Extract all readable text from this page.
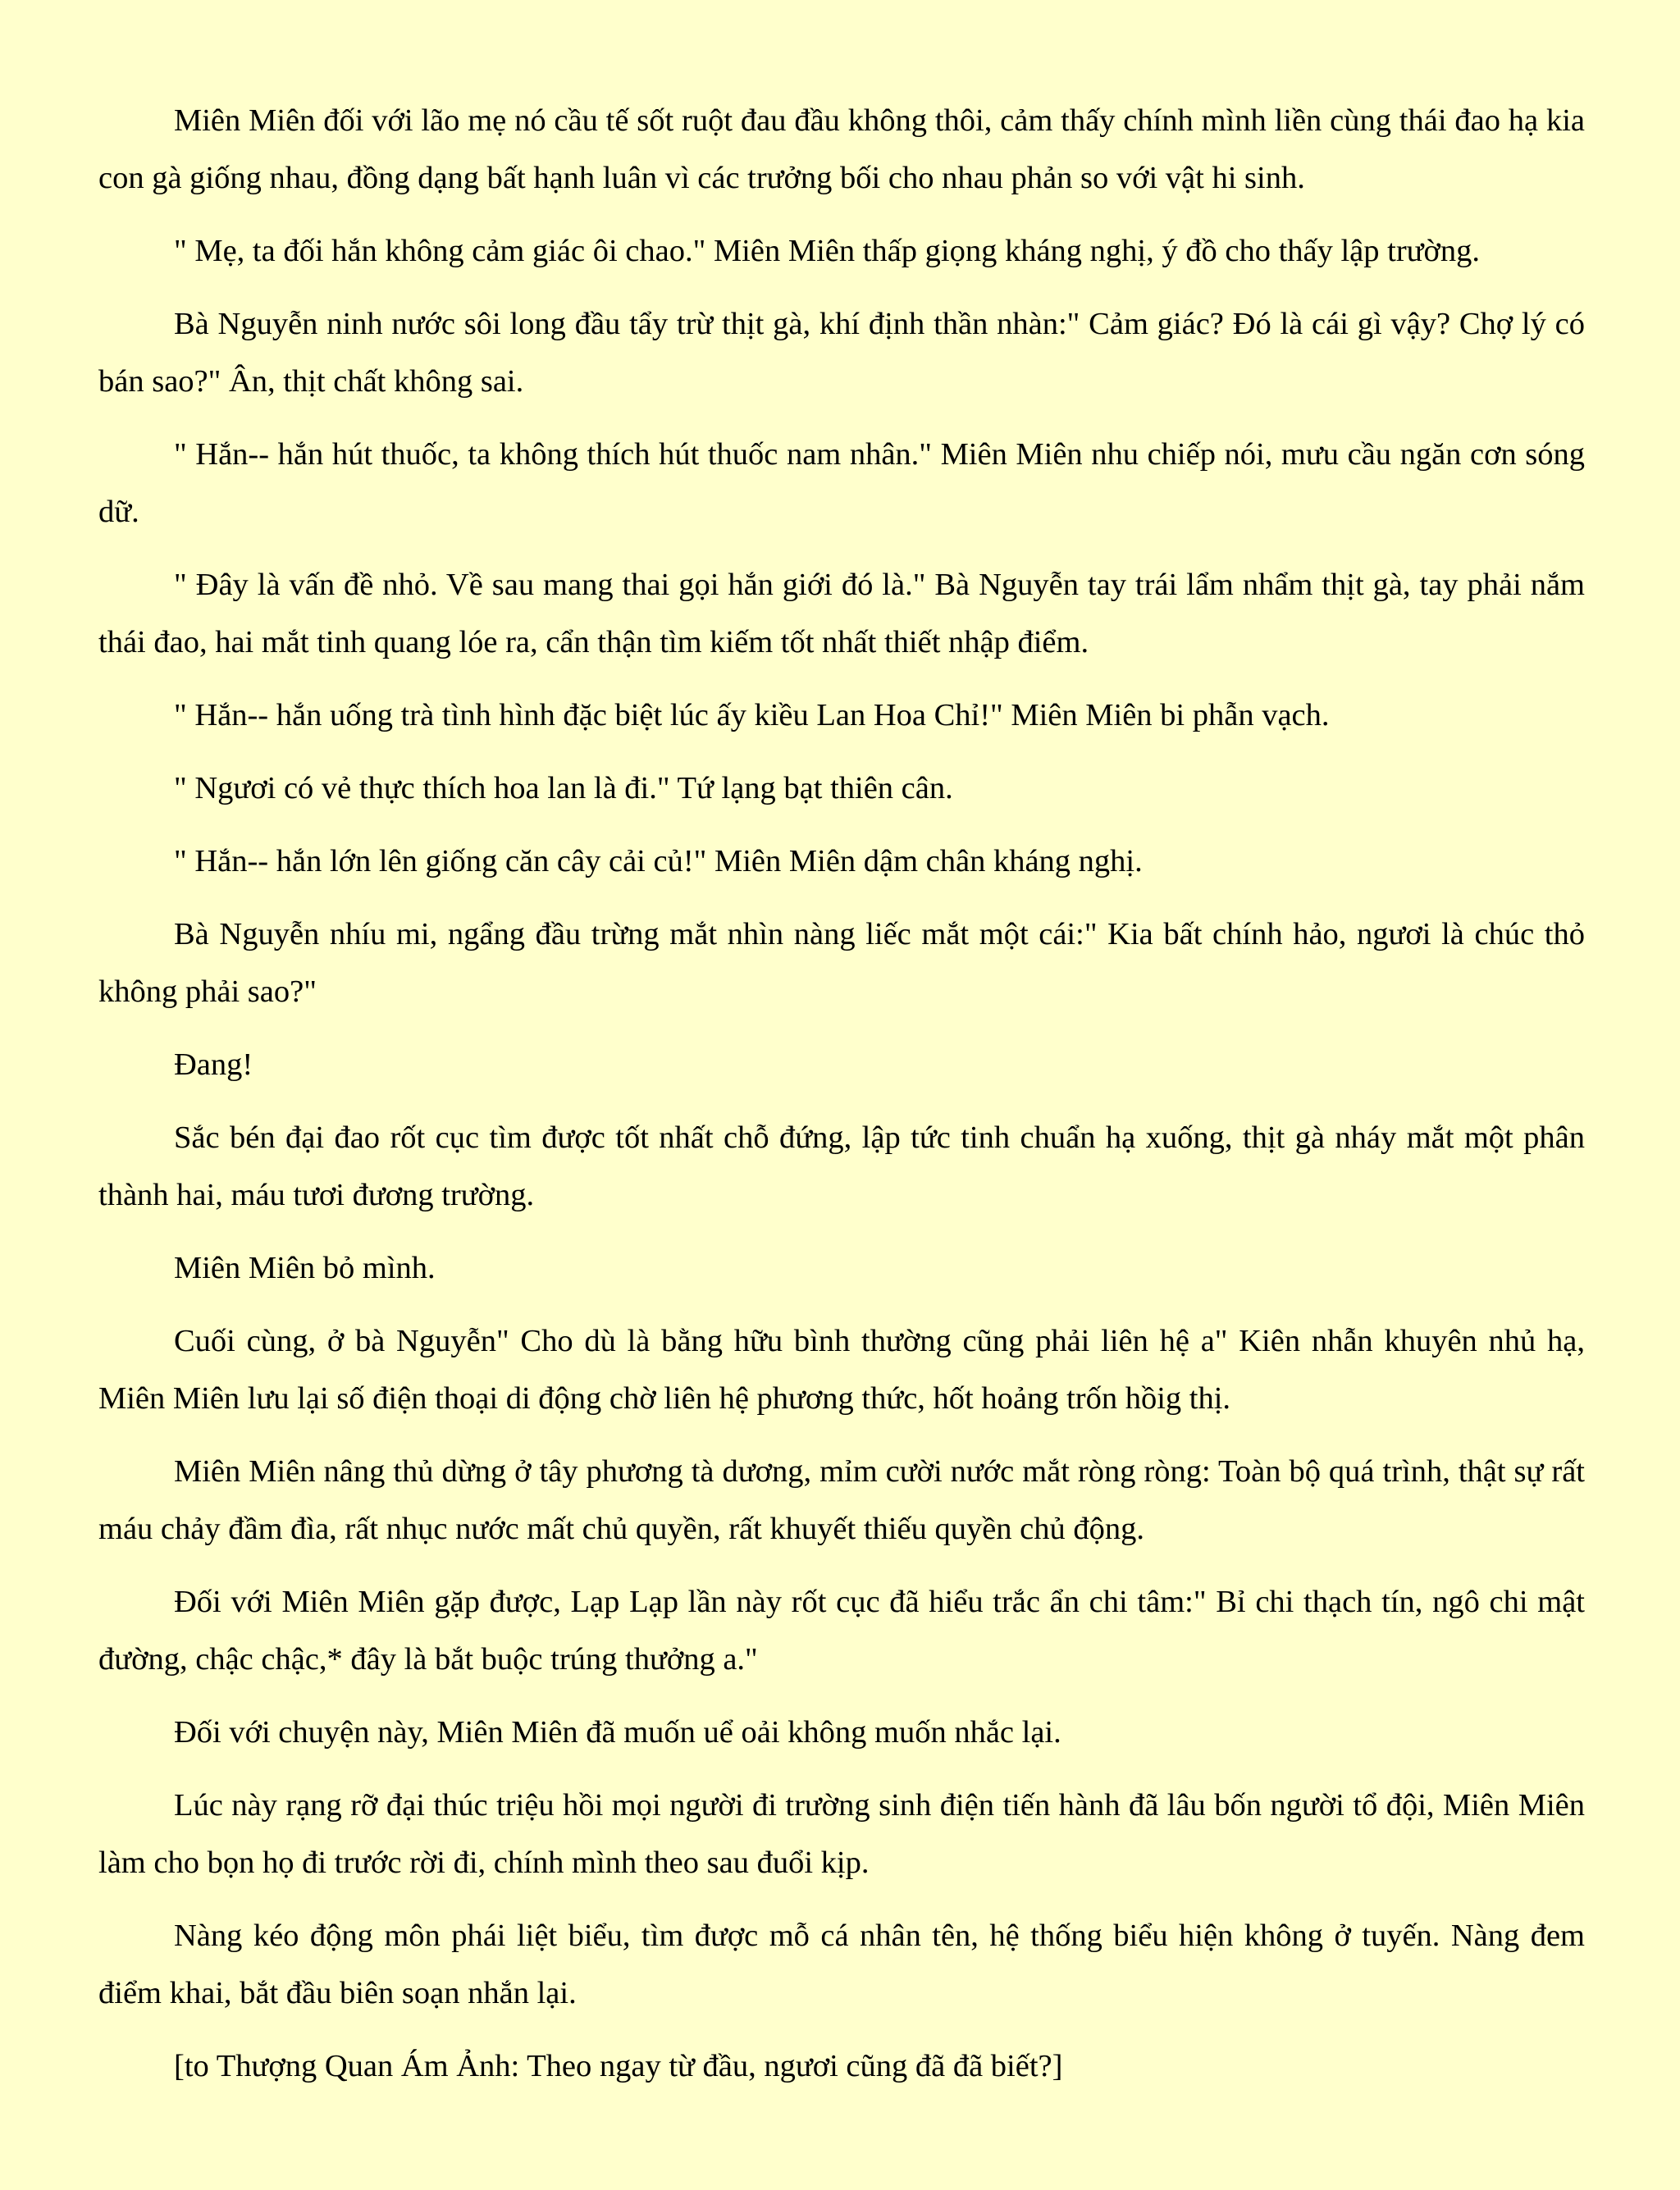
Miên Miên đối với lão mẹ nó cầu tế sốt ruột đau đầu không thôi, cảm thấy chính mình liền cùng thái đao hạ kia con gà giống nhau, đồng dạng bất hạnh luân vì các trưởng bối cho nhau phản so với vật hi sinh.

" Mẹ, ta đối hắn không cảm giác ôi chao." Miên Miên thấp giọng kháng nghị, ý đồ cho thấy lập trường.

Bà Nguyễn ninh nước sôi long đầu tẩy trừ thịt gà, khí định thần nhàn:" Cảm giác? Đó là cái gì vậy? Chợ lý có bán sao?" Ân, thịt chất không sai.

" Hắn-- hắn hút thuốc, ta không thích hút thuốc nam nhân." Miên Miên nhu chiếp nói, mưu cầu ngăn cơn sóng dữ.

" Đây là vấn đề nhỏ. Về sau mang thai gọi hắn giới đó là." Bà Nguyễn tay trái lẩm nhẩm thịt gà, tay phải nắm thái đao, hai mắt tinh quang lóe ra, cẩn thận tìm kiếm tốt nhất thiết nhập điểm.

" Hắn-- hắn uống trà tình hình đặc biệt lúc ấy kiều Lan Hoa Chỉ!" Miên Miên bi phẫn vạch.

" Ngươi có vẻ thực thích hoa lan là đi." Tứ lạng bạt thiên cân.

" Hắn-- hắn lớn lên giống căn cây cải củ!" Miên Miên dậm chân kháng nghị.

Bà Nguyễn nhíu mi, ngẩng đầu trừng mắt nhìn nàng liếc mắt một cái:" Kia bất chính hảo, ngươi là chúc thỏ không phải sao?"

Đang!

Sắc bén đại đao rốt cục tìm được tốt nhất chỗ đứng, lập tức tinh chuẩn hạ xuống, thịt gà nháy mắt một phân thành hai, máu tươi đương trường.

Miên Miên bỏ mình.

Cuối cùng, ở bà Nguyễn" Cho dù là bằng hữu bình thường cũng phải liên hệ a" Kiên nhẫn khuyên nhủ hạ, Miên Miên lưu lại số điện thoại di động chờ liên hệ phương thức, hốt hoảng trốn hồig thị.

Miên Miên nâng thủ dừng ở tây phương tà dương, mỉm cười nước mắt ròng ròng: Toàn bộ quá trình, thật sự rất máu chảy đầm đìa, rất nhục nước mất chủ quyền, rất khuyết thiếu quyền chủ động.

Đối với Miên Miên gặp được, Lạp Lạp lần này rốt cục đã hiểu trắc ẩn chi tâm:" Bỉ chi thạch tín, ngô chi mật đường, chậc chậc,* đây là bắt buộc trúng thưởng a."

Đối với chuyện này, Miên Miên đã muốn uể oải không muốn nhắc lại.

Lúc này rạng rỡ đại thúc triệu hồi mọi người đi trường sinh điện tiến hành đã lâu bốn người tổ đội, Miên Miên làm cho bọn họ đi trước rời đi, chính mình theo sau đuổi kịp.

Nàng kéo động môn phái liệt biểu, tìm được mỗ cá nhân tên, hệ thống biểu hiện không ở tuyến. Nàng đem điểm khai, bắt đầu biên soạn nhắn lại.

[to Thượng Quan Ám Ảnh: Theo ngay từ đầu, ngươi cũng đã đã biết?]
